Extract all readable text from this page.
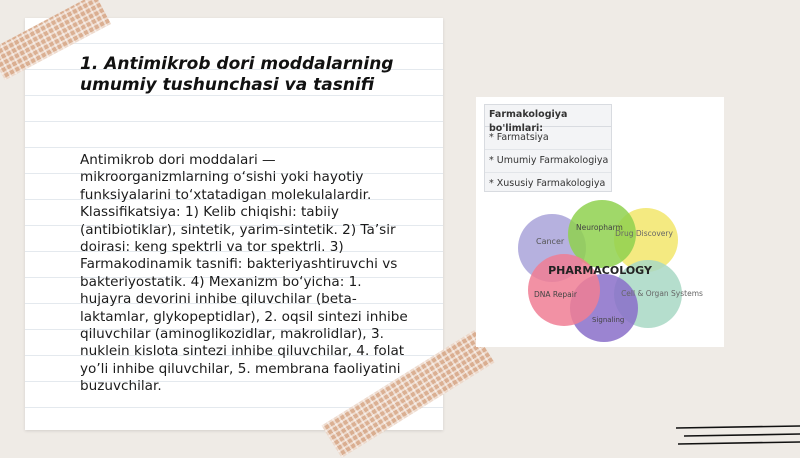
1. Antimikrob dori moddalarning umumiy tushunchasi va tasnifi
Antimikrob dori moddalari — mikroorganizmlarning o‘sishi yoki hayotiy funksiyalarini to‘xtatadigan molekulalardir. Klassifikatsiya: 1) Kelib chiqishi: tabiiy (antibiotiklar), sintetik, yarim-sintetik. 2) Ta’sir doirasi: keng spektrli va tor spektrli. 3) Farmakodinamik tasnifi: bakteriyashtiruvchi vs bakteriyostatik. 4) Mexanizm bo‘yicha: 1. hujayra devorini inhibe qiluvchilar (beta-laktamlar, glykopeptidlar), 2. oqsil sintezi inhibe qiluvchilar (aminoglikozidlar, makrolidlar), 3. nuklein kislota sintezi inhibe qiluvchilar, 4. folat yo’li inhibe qiluvchilar, 5. membrana faoliyatini buzuvchilar.
Farmakologiya bo'limlari:
* Farmatsiya
* Umumiy Farmakologiya
* Xususiy Farmakologiya
Cancer
Neuropharm
Drug Discovery
Cell & Organ Systems
DNA Repair
Signaling
PHARMACOLOGY
